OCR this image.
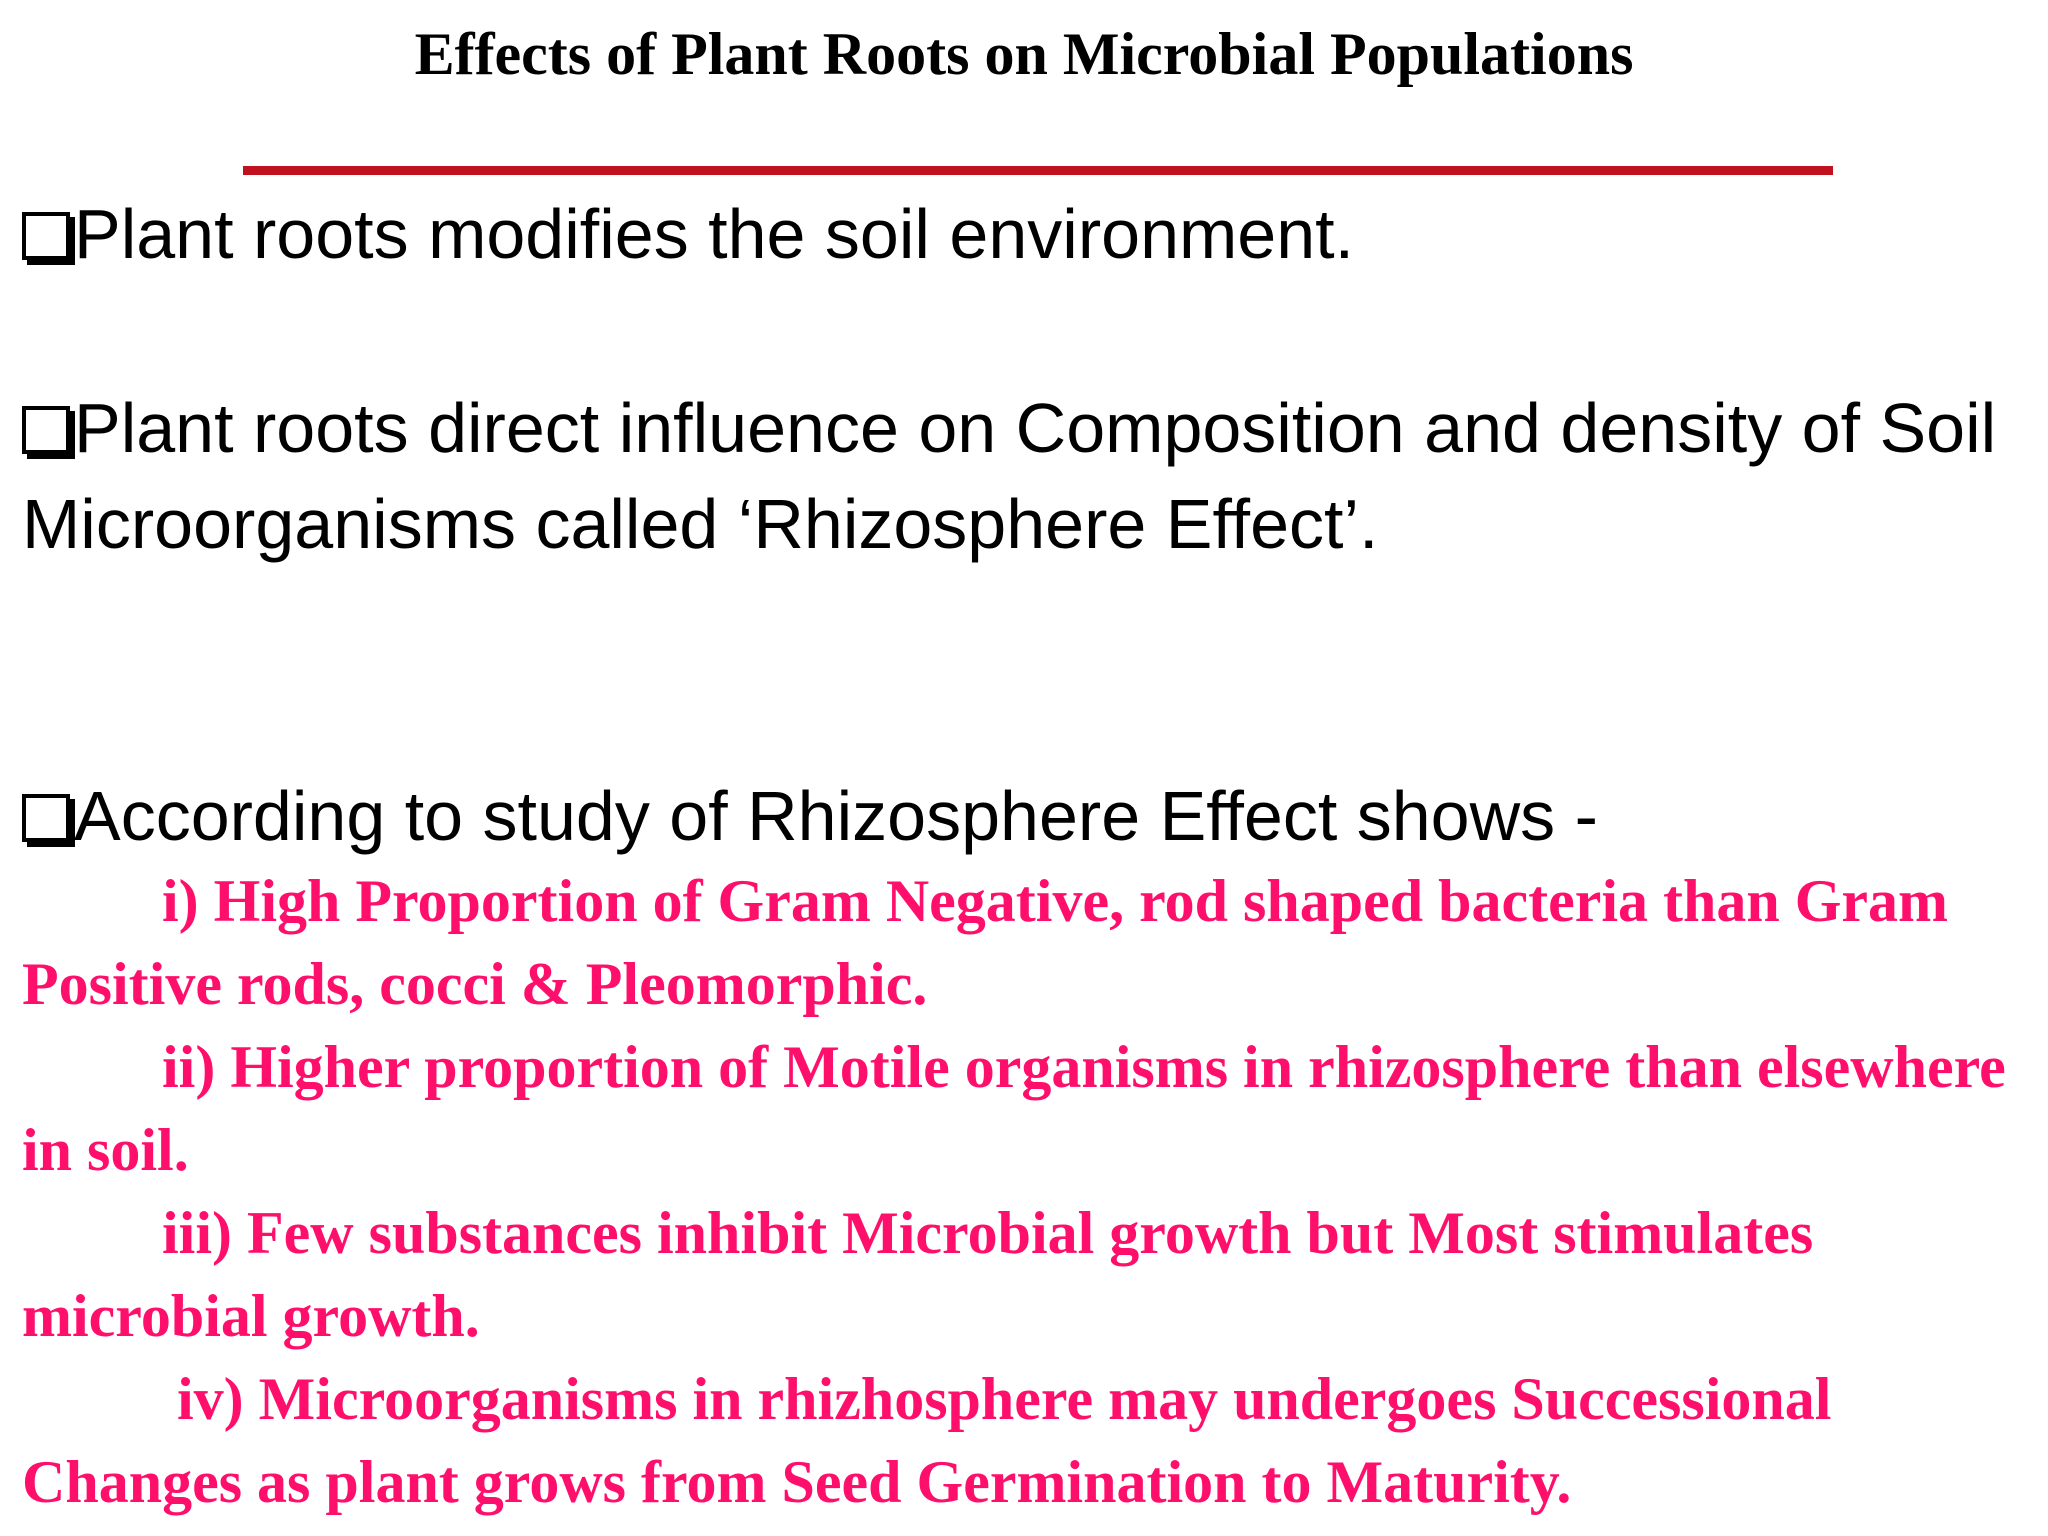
Effects of Plant Roots on Microbial Populations
Plant roots modifies the soil environment.
Plant roots direct influence on Composition and density of Soil Microorganisms called ‘Rhizosphere Effect’.
According to study of Rhizosphere Effect shows -

i) High Proportion of Gram Negative, rod shaped bacteria than Gram Positive rods, cocci & Pleomorphic.

ii) Higher proportion of Motile organisms in rhizosphere than elsewhere in soil.

iii) Few substances inhibit Microbial growth but Most stimulates microbial growth.

iv) Microorganisms in rhizhosphere may undergoes Successional Changes as plant grows from Seed Germination to Maturity.
